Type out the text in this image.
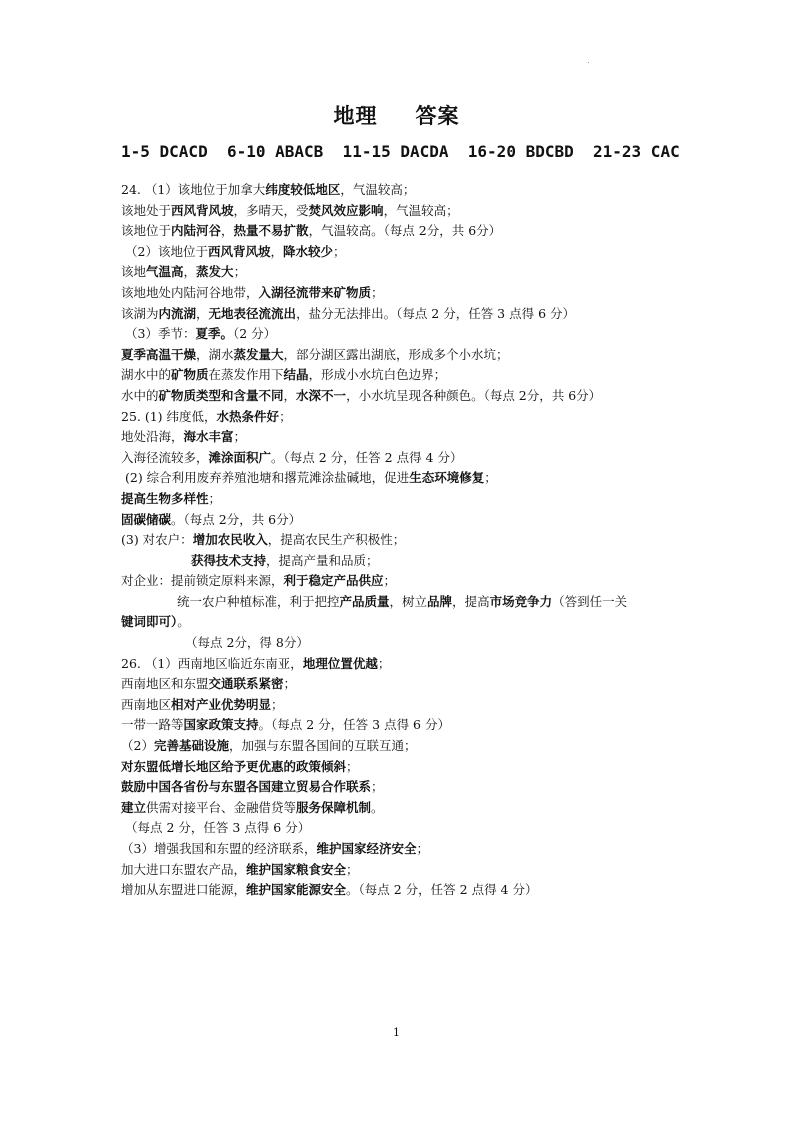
地理 答案
1-5 DCACD  6-10 ABACB  11-15 DACDA  16-20 BDCBD  21-23 CAC
24. （1）该地位于加拿大纬度较低地区，气温较高；
该地处于西风背风坡，多晴天，受焚风效应影响，气温较高；
该地位于内陆河谷，热量不易扩散，气温较高。（每点 2分，共 6分）
（2）该地位于西风背风坡，降水较少；
该地气温高，蒸发大；
该地地处内陆河谷地带，入湖径流带来矿物质；
该湖为内流湖，无地表径流流出，盐分无法排出。（每点 2 分，任答 3 点得 6 分）
（3）季节：夏季。（2 分）
夏季高温干燥，湖水蒸发量大，部分湖区露出湖底，形成多个小水坑；
湖水中的矿物质在蒸发作用下结晶，形成小水坑白色边界；
水中的矿物质类型和含量不同，水深不一，小水坑呈现各种颜色。（每点 2分，共 6分）
25. (1) 纬度低，水热条件好；
地处沿海，海水丰富；
入海径流较多，滩涂面积广。（每点 2 分，任答 2 点得 4 分）
(2) 综合利用废弃养殖池塘和撂荒滩涂盐碱地，促进生态环境修复；
提高生物多样性；
固碳储碳。（每点 2分，共 6分）
(3) 对农户：增加农民收入，提高农民生产积极性；
获得技术支持，提高产量和品质；
对企业：提前锁定原料来源，利于稳定产品供应；
统一农户种植标准，利于把控产品质量，树立品牌，提高市场竞争力（答到任一关
键词即可）。
（每点 2分，得 8分）
26. （1）西南地区临近东南亚，地理位置优越；
西南地区和东盟交通联系紧密；
西南地区相对产业优势明显；
一带一路等国家政策支持。（每点 2 分，任答 3 点得 6 分）
（2）完善基础设施，加强与东盟各国间的互联互通；
对东盟低增长地区给予更优惠的政策倾斜；
鼓励中国各省份与东盟各国建立贸易合作联系；
建立供需对接平台、金融借贷等服务保障机制。
（每点 2 分，任答 3 点得 6 分）
（3）增强我国和东盟的经济联系，维护国家经济安全；
加大进口东盟农产品，维护国家粮食安全；
增加从东盟进口能源，维护国家能源安全。（每点 2 分，任答 2 点得 4 分）
1
